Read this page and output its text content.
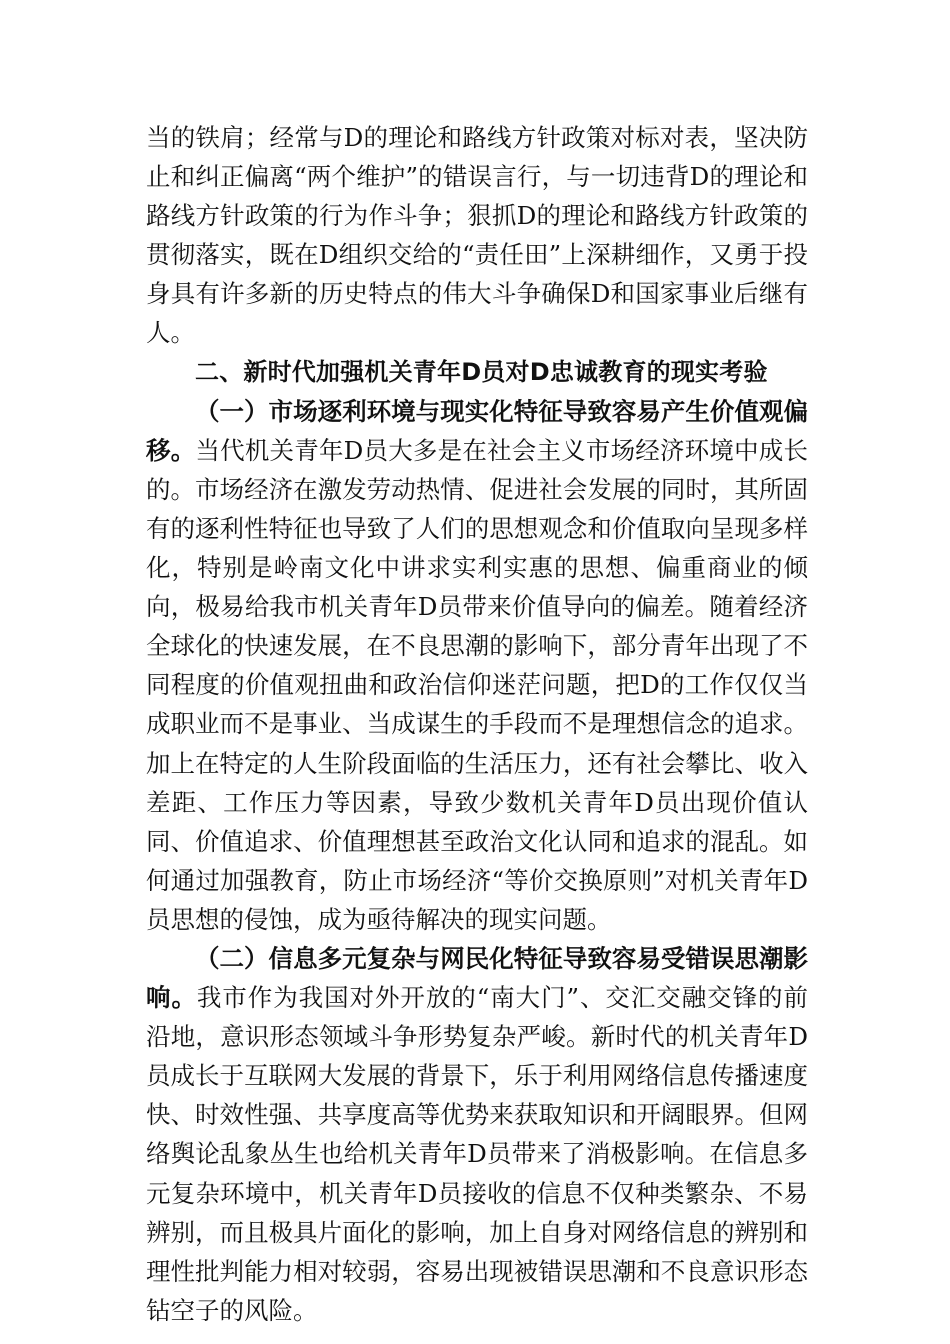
当的铁肩；经常与D的理论和路线方针政策对标对表，坚决防止和纠正偏离“两个维护”的错误言行，与一切违背D的理论和路线方针政策的行为作斗争；狠抓D的理论和路线方针政策的贯彻落实，既在D组织交给的“责任田”上深耕细作，又勇于投身具有许多新的历史特点的伟大斗争确保D和国家事业后继有人。

二、新时代加强机关青年D员对D忠诚教育的现实考验

（一）市场逐利环境与现实化特征导致容易产生价值观偏移。当代机关青年D员大多是在社会主义市场经济环境中成长的。市场经济在激发劳动热情、促进社会发展的同时，其所固有的逐利性特征也导致了人们的思想观念和价值取向呈现多样化，特别是岭南文化中讲求实利实惠的思想、偏重商业的倾向，极易给我市机关青年D员带来价值导向的偏差。随着经济全球化的快速发展，在不良思潮的影响下，部分青年出现了不同程度的价值观扭曲和政治信仰迷茫问题，把D的工作仅仅当成职业而不是事业、当成谋生的手段而不是理想信念的追求。加上在特定的人生阶段面临的生活压力，还有社会攀比、收入差距、工作压力等因素，导致少数机关青年D员出现价值认同、价值追求、价值理想甚至政治文化认同和追求的混乱。如何通过加强教育，防止市场经济“等价交换原则”对机关青年D员思想的侵蚀，成为亟待解决的现实问题。

（二）信息多元复杂与网民化特征导致容易受错误思潮影响。我市作为我国对外开放的“南大门”、交汇交融交锋的前沿地，意识形态领域斗争形势复杂严峻。新时代的机关青年D员成长于互联网大发展的背景下，乐于利用网络信息传播速度快、时效性强、共享度高等优势来获取知识和开阔眼界。但网络舆论乱象丛生也给机关青年D员带来了消极影响。在信息多元复杂环境中，机关青年D员接收的信息不仅种类繁杂、不易辨别，而且极具片面化的影响，加上自身对网络信息的辨别和理性批判能力相对较弱，容易出现被错误思潮和不良意识形态钻空子的风险。
